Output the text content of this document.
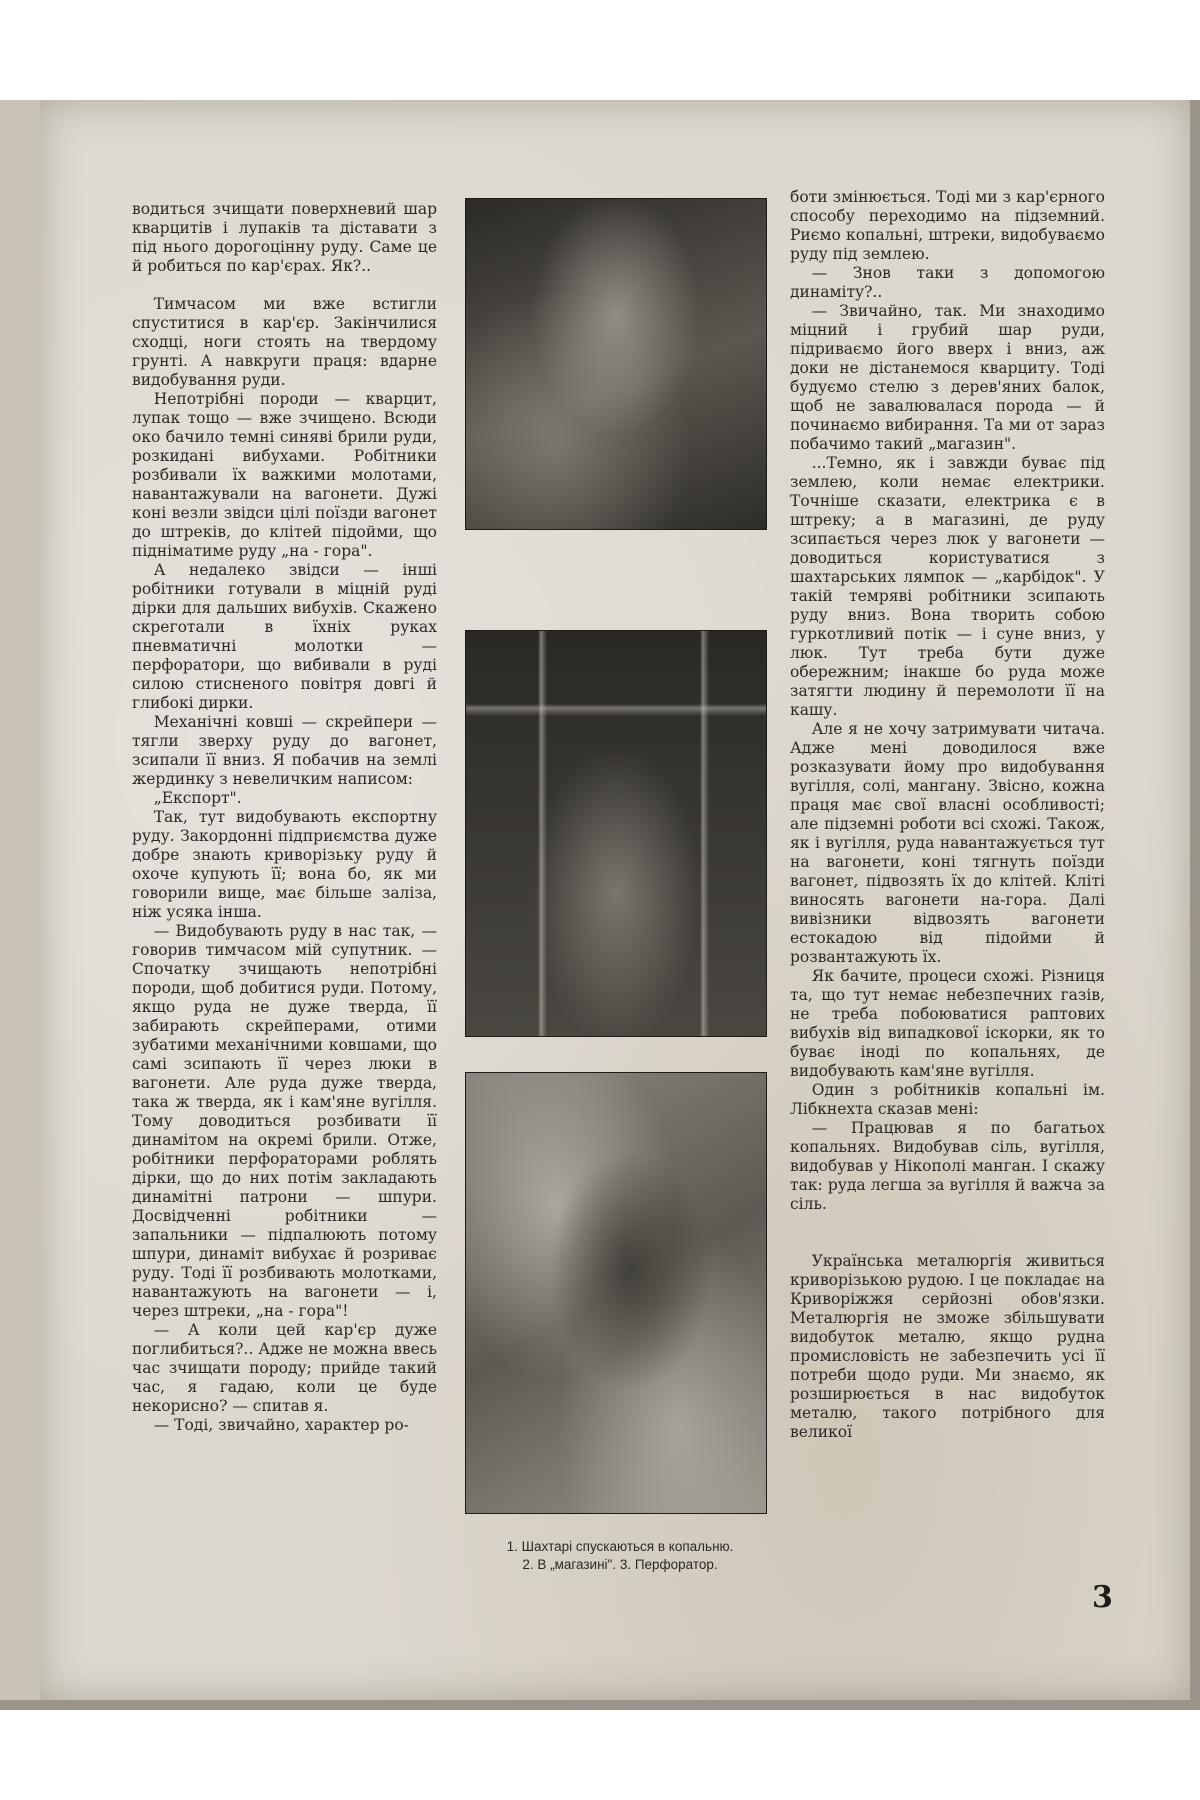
водиться зчищати поверхневий шар кварцитів і лупаків та діставати з під нього дорогоцінну руду. Саме це й робиться по кар'єрах. Як?..

Тимчасом ми вже встигли спуститися в кар'єр. Закінчилися сходці, ноги стоять на твердому грунті. А навкруги праця: вдарне видобування руди.

Непотрібні породи — кварцит, лупак тощо — вже зчищено. Всюди око бачило темні синяві брили руди, розкидані вибухами. Робітники розбивали їх важкими молотами, навантажували на вагонети. Дужі коні везли звідси цілі поїзди вагонет до штреків, до клітей підойми, що підніматиме руду „на - гора".

А недалеко звідси — інші робітники готували в міцній руді дірки для дальших вибухів. Скажено скреготали в їхніх руках пневматичні молотки — перфоратори, що вибивали в руді силою стисненого повітря довгі й глибокі дирки.

Механічні ковші — скрейпери — тягли зверху руду до вагонет, зсипали її вниз. Я побачив на землі жердинку з невеличким написом:

„Експорт".

Так, тут видобувають експортну руду. Закордонні підприємства дуже добре знають криворізьку руду й охоче купують її; вона бо, як ми говорили вище, має більше заліза, ніж усяка інша.

— Видобувають руду в нас так, — говорив тимчасом мій супутник. — Спочатку зчищають непотрібні породи, щоб добитися руди. Потому, якщо руда не дуже тверда, її забирають скрейперами, отими зубатими механічними ковшами, що самі зсипають її через люки в вагонети. Але руда дуже тверда, така ж тверда, як і кам'яне вугілля. Тому доводиться розбивати її динамітом на окремі брили. Отже, робітники перфораторами роблять дірки, що до них потім закладають динамітні патрони — шпури. Досвідченні робітники — запальники — підпалюють потому шпури, динаміт вибухає й розриває руду. Тоді її розбивають молотками, навантажують на вагонети — і, через штреки, „на - гора"!

— А коли цей кар'єр дуже поглибиться?.. Адже не можна ввесь час зчищати породу; прийде такий час, я гадаю, коли це буде некорисно? — спитав я.

— Тоді, звичайно, характер ро-

1. Шахтарі спускаються в копальню.
2. В „магазині". 3. Перфоратор.

боти змінюється. Тоді ми з кар'єрного способу переходимо на підземний. Риємо копальні, штреки, видобуваємо руду під землею.

— Знов таки з допомогою динаміту?..

— Звичайно, так. Ми знаходимо міцний і грубий шар руди, підриваємо його вверх і вниз, аж доки не дістанемося кварциту. Тоді будуємо стелю з дерев'яних балок, щоб не завалювалася порода — й починаємо вибирання. Та ми от зараз побачимо такий „магазин".

...Темно, як і завжди буває під землею, коли немає електрики. Точніше сказати, електрика є в штреку; а в магазині, де руду зсипається через люк у вагонети — доводиться користуватися з шахтарських лямпок — „карбідок". У такій темряві робітники зсипають руду вниз. Вона творить собою гуркотливий потік — і суне вниз, у люк. Тут треба бути дуже обережним; інакше бо руда може затягти людину й перемолоти її на кашу.

Але я не хочу затримувати читача. Адже мені доводилося вже розказувати йому про видобування вугілля, солі, мангану. Звісно, кожна праця має свої власні особливості; але підземні роботи всі схожі. Також, як і вугілля, руда навантажується тут на вагонети, коні тягнуть поїзди вагонет, підвозять їх до клітей. Кліті виносять вагонети на-гора. Далі вивізники відвозять вагонети естокадою від підойми й розвантажують їх.

Як бачите, процеси схожі. Різниця та, що тут немає небезпечних газів, не треба побоюватися раптових вибухів від випадкової іскорки, як то буває іноді по копальнях, де видобувають кам'яне вугілля.

Один з робітників копальні ім. Лібкнехта сказав мені:

— Працював я по багатьох копальнях. Видобував сіль, вугілля, видобував у Нікополі манган. І скажу так: руда легша за вугілля й важча за сіль.

Українська металюргія живиться криворізькою рудою. І це покладає на Криворіжжя серйозні обов'язки. Металюргія не зможе збільшувати видобуток металю, якщо рудна промисловість не забезпечить усі її потреби щодо руди. Ми знаємо, як розширюється в нас видобуток металю, такого потрібного для великої

3
